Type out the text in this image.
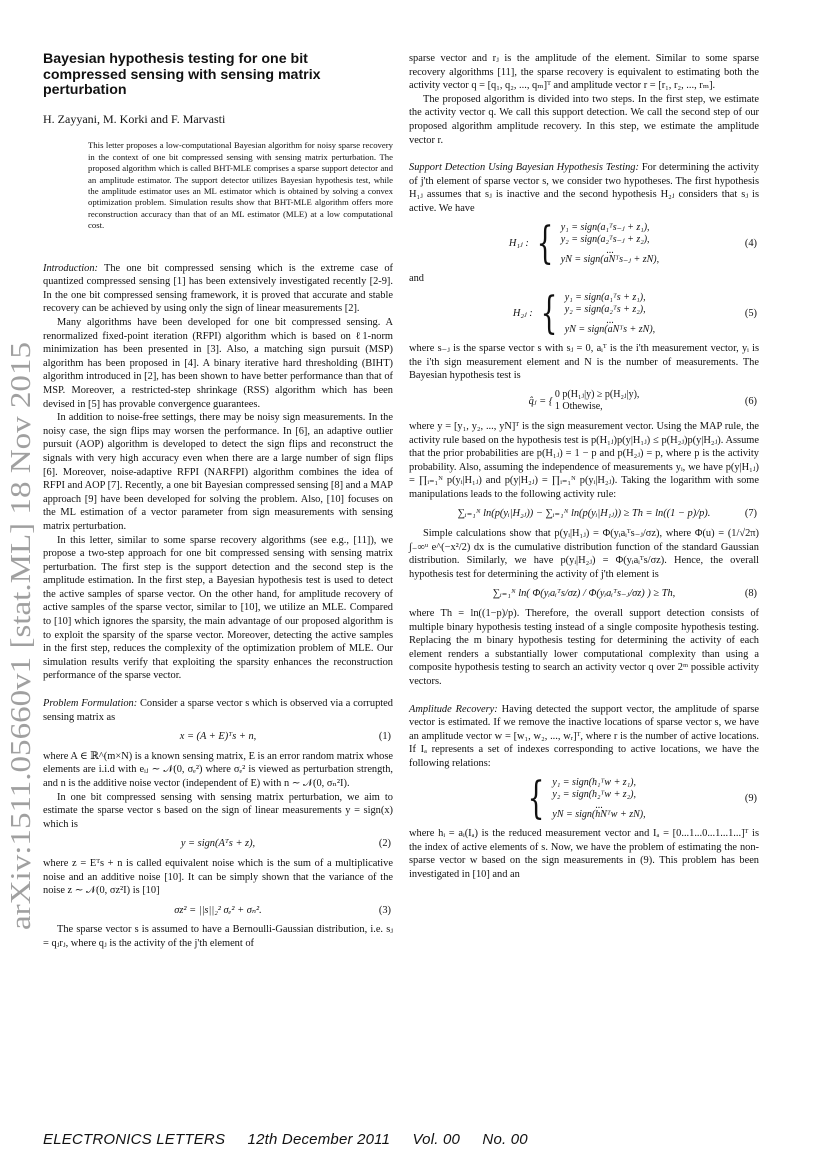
arXiv:1511.05660v1 [stat.ML] 18 Nov 2015
Bayesian hypothesis testing for one bit compressed sensing with sensing matrix perturbation
H. Zayyani, M. Korki and F. Marvasti
This letter proposes a low-computational Bayesian algorithm for noisy sparse recovery in the context of one bit compressed sensing with sensing matrix perturbation. The proposed algorithm which is called BHT-MLE comprises a sparse support detector and an amplitude estimator. The support detector utilizes Bayesian hypothesis test, while the amplitude estimator uses an ML estimator which is obtained by solving a convex optimization problem. Simulation results show that BHT-MLE algorithm offers more reconstruction accuracy than that of an ML estimator (MLE) at a low computational cost.

Introduction: The one bit compressed sensing which is the extreme case of quantized compressed sensing [1] has been extensively investigated recently [2-9]. In the one bit compressed sensing framework, it is proved that accurate and stable recovery can be achieved by using only the sign of linear measurements [2].

Many algorithms have been developed for one bit compressed sensing. A renormalized fixed-point iteration (RFPI) algorithm which is based on ℓ1-norm minimization has been presented in [3]. Also, a matching sign pursuit (MSP) algorithm has been proposed in [4]. A binary iterative hard thresholding (BIHT) algorithm introduced in [2], has been shown to have better performance than that of MSP. Moreover, a restricted-step shrinkage (RSS) algorithm which has been devised in [5] has provable convergence guarantees.

In addition to noise-free settings, there may be noisy sign measurements. In the noisy case, the sign flips may worsen the performance. In [6], an adaptive outlier pursuit (AOP) algorithm is developed to detect the sign flips and reconstruct the signals with very high accuracy even when there are a large number of sign flips [6]. Moreover, noise-adaptive RFPI (NARFPI) algorithm combines the idea of RFPI and AOP [7]. Recently, a one bit Bayesian compressed sensing [8] and a MAP approach [9] have been developed for solving the problem. Also, [10] focuses on the ML estimation of a vector parameter from sign measurements with sensing matrix perturbation.

In this letter, similar to some sparse recovery algorithms (see e.g., [11]), we propose a two-step approach for one bit compressed sensing with sensing matrix perturbation. The first step is the support detection and the second step is the amplitude estimation. In the first step, a Bayesian hypothesis test is used to detect the active samples of sparse vector. On the other hand, for amplitude recovery of active samples of the sparse vector, similar to [10], we utilize an MLE. Compared to [10] which ignores the sparsity, the main advantage of our proposed algorithm is to exploit the sparsity of the sparse vector. Moreover, detecting the active samples in the first step, reduces the complexity of the optimization problem of MLE. Our simulation results verify that exploiting the sparsity enhances the reconstruction performance of the sparse vector.

Problem Formulation: Consider a sparse vector s which is observed via a corrupted sensing matrix as

x = (A + E)ᵀs + n,	(1)

where A ∈ ℝ^(m×N) is a known sensing matrix, E is an error random matrix whose elements are i.i.d with eᵢⱼ ∼ 𝒩(0, σₑ²) where σₑ² is viewed as perturbation strength, and n is the additive noise vector (independent of E) with n ∼ 𝒩(0, σₙ²I).

In one bit compressed sensing with sensing matrix perturbation, we aim to estimate the sparse vector s based on the sign of linear measurements y = sign(x) which is

y = sign(Aᵀs + z),	(2)

where z = Eᵀs + n is called equivalent noise which is the sum of a multiplicative noise and an additive noise [10]. It can be simply shown that the variance of the noise z ∼ 𝒩(0, σz²I) is [10]

σz² = ||s||₂² σₑ² + σₙ².	(3)

The sparse vector s is assumed to have a Bernoulli-Gaussian distribution, i.e. sⱼ = qⱼrⱼ, where qⱼ is the activity of the j'th element of

sparse vector and rⱼ is the amplitude of the element. Similar to some sparse recovery algorithms [11], the sparse recovery is equivalent to estimating both the activity vector q = [q₁, q₂, ..., qₘ]ᵀ and amplitude vector r = [r₁, r₂, ..., rₘ].

The proposed algorithm is divided into two steps. In the first step, we estimate the activity vector q. We call this support detection. We call the second step of our proposed algorithm amplitude recovery. In this step, we estimate the amplitude vector r.

Support Detection Using Bayesian Hypothesis Testing: For determining the activity of j'th element of sparse vector s, we consider two hypotheses. The first hypothesis H₁ⱼ assumes that sⱼ is inactive and the second hypothesis H₂ⱼ considers that sⱼ is active. We have

H₁ⱼ : { y₁ = sign(a₁ᵀs₋ⱼ + z₁),
y₂ = sign(a₂ᵀs₋ⱼ + z₂),
...
yN = sign(aNᵀs₋ⱼ + zN),
(4)

and

H₂ⱼ : { y₁ = sign(a₁ᵀs + z₁),
y₂ = sign(a₂ᵀs + z₂),
...
yN = sign(aNᵀs + zN),
(5)

where s₋ⱼ is the sparse vector s with sⱼ = 0, aᵢᵀ is the i'th measurement vector, yᵢ is the i'th sign measurement element and N is the number of measurements. The Bayesian hypothesis test is

q̂ⱼ = {
0 p(H₁ⱼ|y) ≥ p(H₂ⱼ|y),
1 Othewise,
(6)

where y = [y₁, y₂, ..., yN]ᵀ is the sign measurement vector. Using the MAP rule, the activity rule based on the hypothesis test is p(H₁ⱼ)p(y|H₁ⱼ) ≤ p(H₂ⱼ)p(y|H₂ⱼ). Assume that the prior probabilities are p(H₁ⱼ) = 1 − p and p(H₂ⱼ) = p, where p is the activity probability. Also, assuming the independence of measurements yᵢ, we have p(y|H₁ⱼ) = ∏ᵢ₌₁ᴺ p(yᵢ|H₁ⱼ) and p(y|H₂ⱼ) = ∏ᵢ₌₁ᴺ p(yᵢ|H₂ⱼ). Taking the logarithm with some manipulations leads to the following activity rule:

∑ᵢ₌₁ᴺ ln(p(yᵢ|H₂ⱼ)) − ∑ᵢ₌₁ᴺ ln(p(yᵢ|H₁ⱼ)) ≥ Th = ln((1 − p)/p).	(7)

Simple calculations show that p(yᵢ|H₁ⱼ) = Φ(yᵢaᵢᵀs₋ⱼ/σz), where Φ(u) = (1/√2π) ∫₋∞ᵘ e^(−x²/2) dx is the cumulative distribution function of the standard Gaussian distribution. Similarly, we have p(yᵢ|H₂ⱼ) = Φ(yᵢaᵢᵀs/σz). Hence, the overall hypothesis test for determining the activity of j'th element is

∑ᵢ₌₁ᴺ ln( Φ(yᵢaᵢᵀs/σz) / Φ(yᵢaᵢᵀs₋ⱼ/σz) ) ≥ Th,	(8)

where Th = ln((1−p)/p). Therefore, the overall support detection consists of multiple binary hypothesis testing instead of a single composite hypothesis testing. Replacing the m binary hypothesis testing for determining the activity of each element renders a substantially lower computational complexity than using a composite hypothesis testing to search an activity vector q over 2ᵐ possible activity vectors.

Amplitude Recovery: Having detected the support vector, the amplitude of sparse vector is estimated. If we remove the inactive locations of sparse vector s, we have an amplitude vector w = [w₁, w₂, ..., wᵣ]ᵀ, where r is the number of active locations. If Iₐ represents a set of indexes corresponding to active locations, we have the following relations:

{ y₁ = sign(h₁ᵀw + z₁),
y₂ = sign(h₂ᵀw + z₂),
...
yN = sign(hNᵀw + zN),
(9)

where hᵢ = aᵢ(Iₐ) is the reduced measurement vector and Iₐ = [0...1...0...1...1...]ᵀ is the index of active elements of s. Now, we have the problem of estimating the non-sparse vector w based on the sign measurements in (9). This problem has been investigated in [10] and an

ELECTRONICS LETTERS 12th December 2011 Vol. 00 No. 00
